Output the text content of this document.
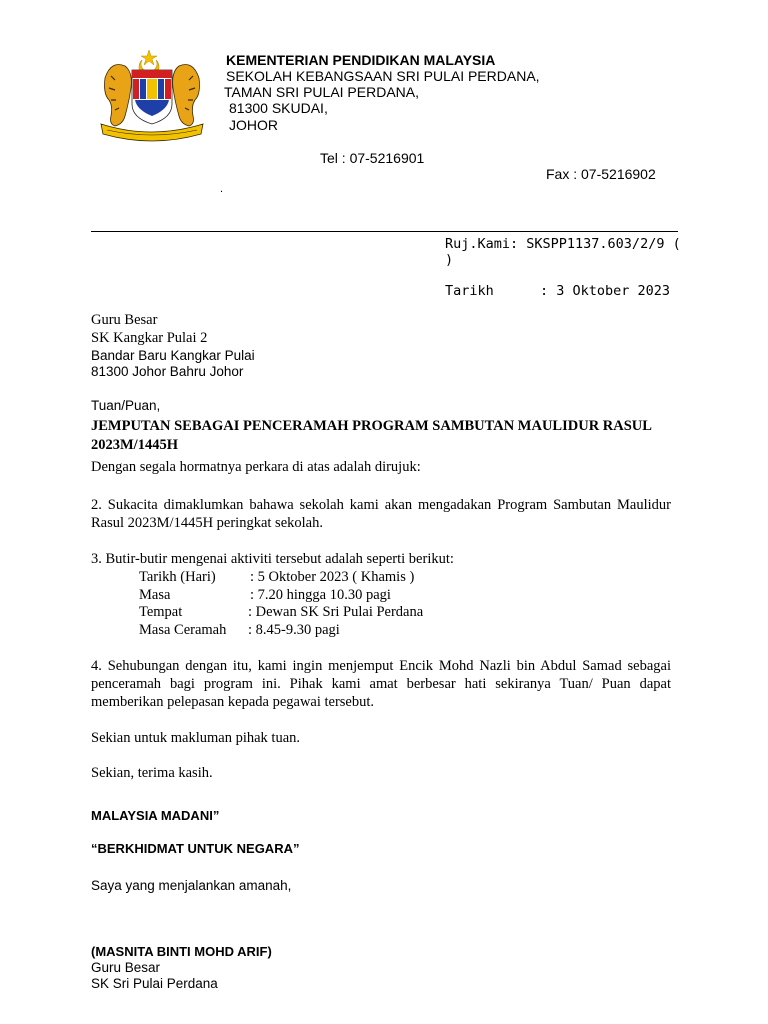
KEMENTERIAN PENDIDIKAN MALAYSIA
SEKOLAH KEBANGSAAN SRI PULAI PERDANA,
TAMAN SRI PULAI PERDANA,
81300 SKUDAI,
JOHOR
Tel : 07-5216901
Fax : 07-5216902
.
Ruj.Kami: SKSPP1137.603/2/9 (
)
Tarikh	: 3 Oktober 2023
Guru Besar
SK Kangkar Pulai 2
Bandar Baru Kangkar Pulai
81300 Johor Bahru Johor
Tuan/Puan,
JEMPUTAN SEBAGAI PENCERAMAH PROGRAM SAMBUTAN MAULIDUR RASUL
2023M/1445H
Dengan segala hormatnya perkara di atas adalah dirujuk:
2. Sukacita dimaklumkan bahawa sekolah kami akan mengadakan Program Sambutan Maulidur Rasul 2023M/1445H peringkat sekolah.
3. Butir-butir mengenai aktiviti tersebut adalah seperti berikut:
Tarikh (Hari) : 5 Oktober 2023 ( Khamis )
Masa	: 7.20 hingga 10.30 pagi
Tempat	: Dewan SK Sri Pulai Perdana
Masa Ceramah : 8.45-9.30 pagi
4. Sehubungan dengan itu, kami ingin menjemput Encik Mohd Nazli bin Abdul Samad sebagai penceramah bagi program ini. Pihak kami amat berbesar hati sekiranya Tuan/ Puan dapat memberikan pelepasan kepada pegawai tersebut.
Sekian untuk makluman pihak tuan.
Sekian, terima kasih.
MALAYSIA MADANI”
“BERKHIDMAT UNTUK NEGARA”
Saya yang menjalankan amanah,
(MASNITA BINTI MOHD ARIF)
Guru Besar
SK Sri Pulai Perdana
